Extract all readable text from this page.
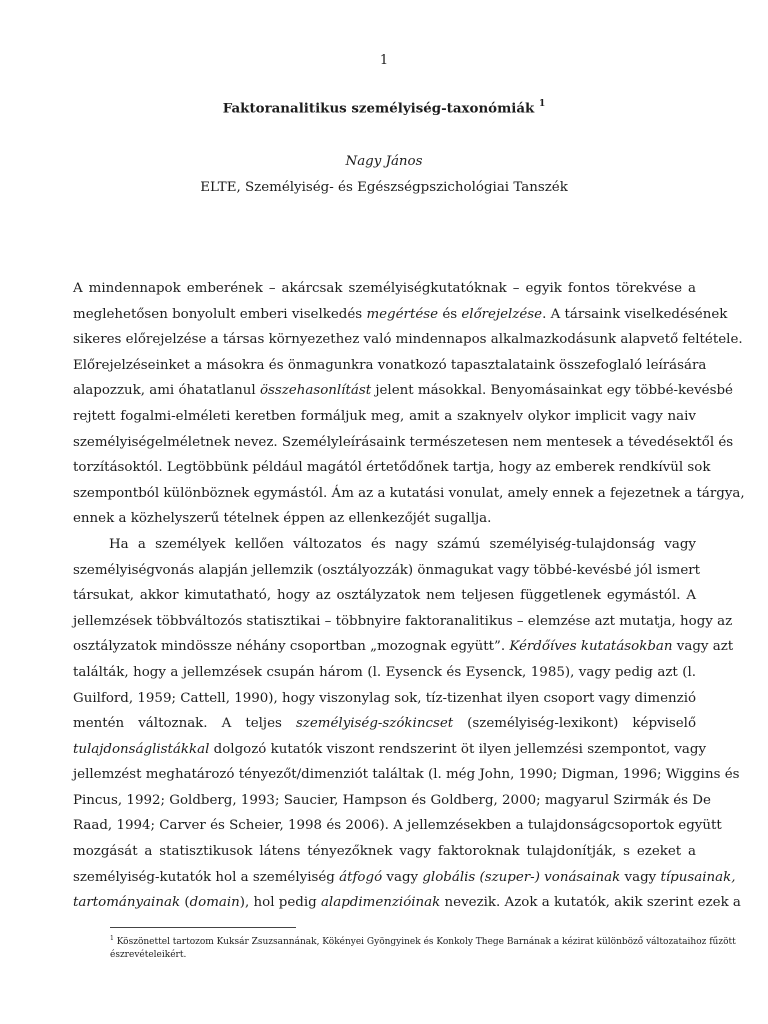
1
Faktoranalitikus személyiség-taxonómiák $^1$
Nagy János
ELTE, Személyiség- és Egészségpszichológiai Tanszék
A mindennapok emberének – akárcsak személyiségkutatóknak – egyik fontos törekvése a
meglehetősen bonyolult emberi viselkedés megértése és előrejelzése. A társaink viselkedésének
sikeres előrejelzése a társas környezethez való mindennapos alkalmazkodásunk alapvető feltétele.
Előrejelzéseinket a másokra és önmagunkra vonatkozó tapasztalataink összefoglaló leírására
alapozzuk, ami óhatatlanul összehasonlítást jelent másokkal. Benyomásainkat egy többé-kevésbé
rejtett fogalmi-elméleti keretben formáljuk meg, amit a szaknyelv olykor implicit vagy naiv
személyiségelméletnek nevez. Személyleírásaink természetesen nem mentesek a tévedésektől és
torzításoktól. Legtöbbünk például magától értetődőnek tartja, hogy az emberek rendkívül sok
szempontból különböznek egymástól. Ám az a kutatási vonulat, amely ennek a fejezetnek a tárgya,
ennek a közhelyszerű tételnek éppen az ellenkezőjét sugallja.
Ha a személyek kellően változatos és nagy számú személyiség-tulajdonság vagy
személyiségvonás alapján jellemzik (osztályozzák) önmagukat vagy többé-kevésbé jól ismert
társukat, akkor kimutatható, hogy az osztályzatok nem teljesen függetlenek egymástól. A
jellemzések többváltozós statisztikai – többnyire faktoranalitikus – elemzése azt mutatja, hogy az
osztályzatok mindössze néhány csoportban „mozognak együtt”. Kérdőíves kutatásokban vagy azt
találták, hogy a jellemzések csupán három (l. Eysenck és Eysenck, 1985), vagy pedig azt (l.
Guilford, 1959; Cattell, 1990), hogy viszonylag sok, tíz-tizenhat ilyen csoport vagy dimenzió
mentén változnak. A teljes személyiség-szókincset (személyiség-lexikont) képviselő
tulajdonságlistákkal dolgozó kutatók viszont rendszerint öt ilyen jellemzési szempontot, vagy
jellemzést meghatározó tényezőt/dimenziót találtak (l. még John, 1990; Digman, 1996; Wiggins és
Pincus, 1992; Goldberg, 1993; Saucier, Hampson és Goldberg, 2000; magyarul Szirmák és De
Raad, 1994; Carver és Scheier, 1998 és 2006). A jellemzésekben a tulajdonságcsoportok együtt
mozgását a statisztikusok látens tényezőknek vagy faktoroknak tulajdonítják, s ezeket a
személyiség-kutatók hol a személyiség átfogó vagy globális (szuper-) vonásainak vagy típusainak,
tartományainak (domain), hol pedig alapdimenzióinak nevezik. Azok a kutatók, akik szerint ezek a
$^1$ Köszönettel tartozom Kuksár Zsuzsannának, Kökényei Gyöngyinek és Konkoly Thege Barnának a kézirat különböző változataihoz fűzött
észrevételeikért.
